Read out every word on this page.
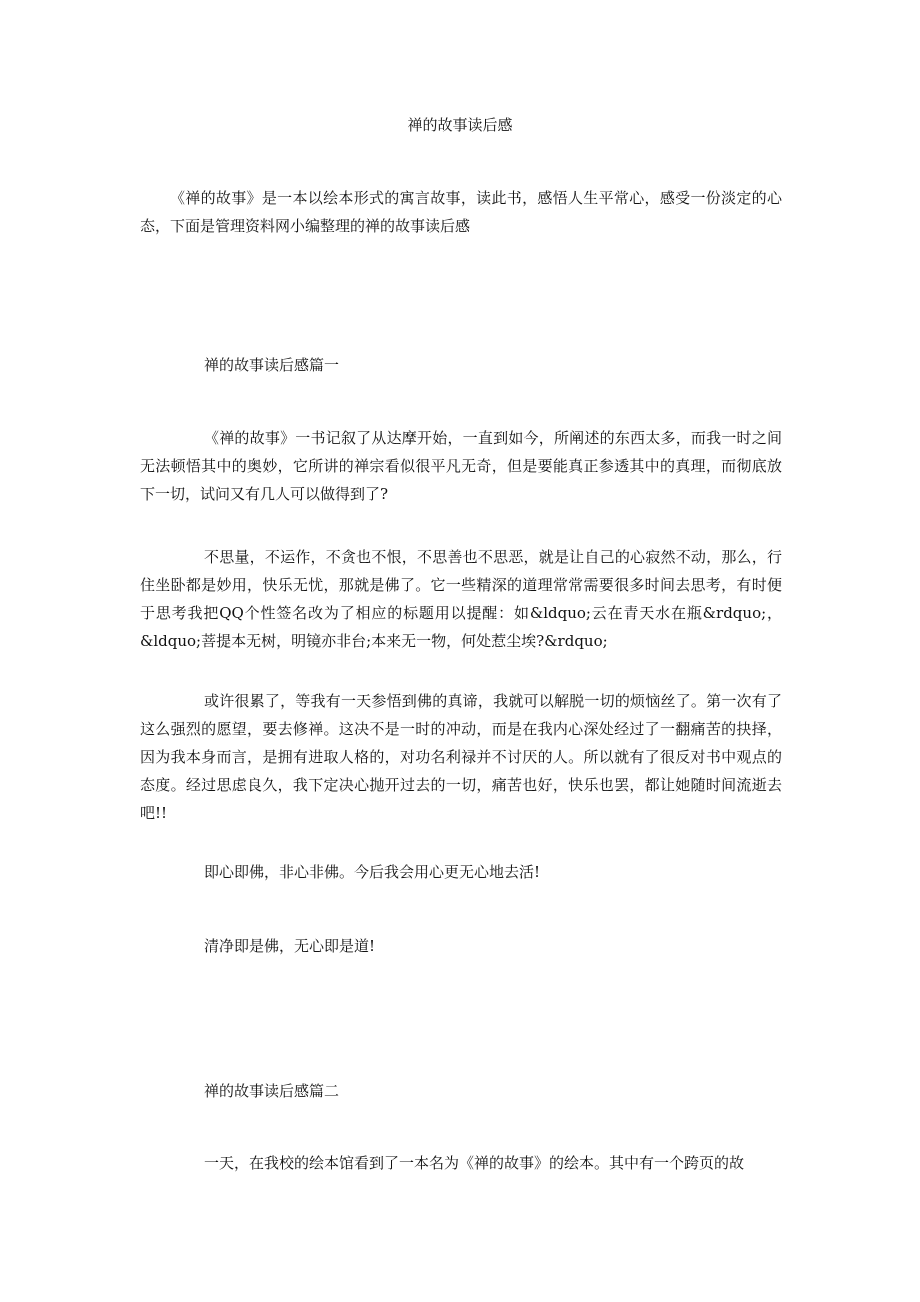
禅的故事读后感

《禅的故事》是一本以绘本形式的寓言故事，读此书，感悟人生平常心，感受一份淡定的心态，下面是管理资料网小编整理的禅的故事读后感

禅的故事读后感篇一

《禅的故事》一书记叙了从达摩开始，一直到如今，所阐述的东西太多，而我一时之间无法顿悟其中的奥妙，它所讲的禅宗看似很平凡无奇，但是要能真正参透其中的真理，而彻底放下一切，试问又有几人可以做得到了?

不思量，不运作，不贪也不恨，不思善也不思恶，就是让自己的心寂然不动，那么，行住坐卧都是妙用，快乐无忧，那就是佛了。它一些精深的道理常常需要很多时间去思考，有时便于思考我把QQ个性签名改为了相应的标题用以提醒：如&ldquo;云在青天水在瓶&rdquo;，&ldquo;菩提本无树，明镜亦非台;本来无一物，何处惹尘埃?&rdquo;

或许很累了，等我有一天参悟到佛的真谛，我就可以解脱一切的烦恼丝了。第一次有了这么强烈的愿望，要去修禅。这决不是一时的冲动，而是在我内心深处经过了一翻痛苦的抉择，因为我本身而言，是拥有进取人格的，对功名利禄并不讨厌的人。所以就有了很反对书中观点的态度。经过思虑良久，我下定决心抛开过去的一切，痛苦也好，快乐也罢，都让她随时间流逝去吧!!

即心即佛，非心非佛。今后我会用心更无心地去活!
清净即是佛，无心即是道!
禅的故事读后感篇二
一天，在我校的绘本馆看到了一本名为《禅的故事》的绘本。其中有一个跨页的故
